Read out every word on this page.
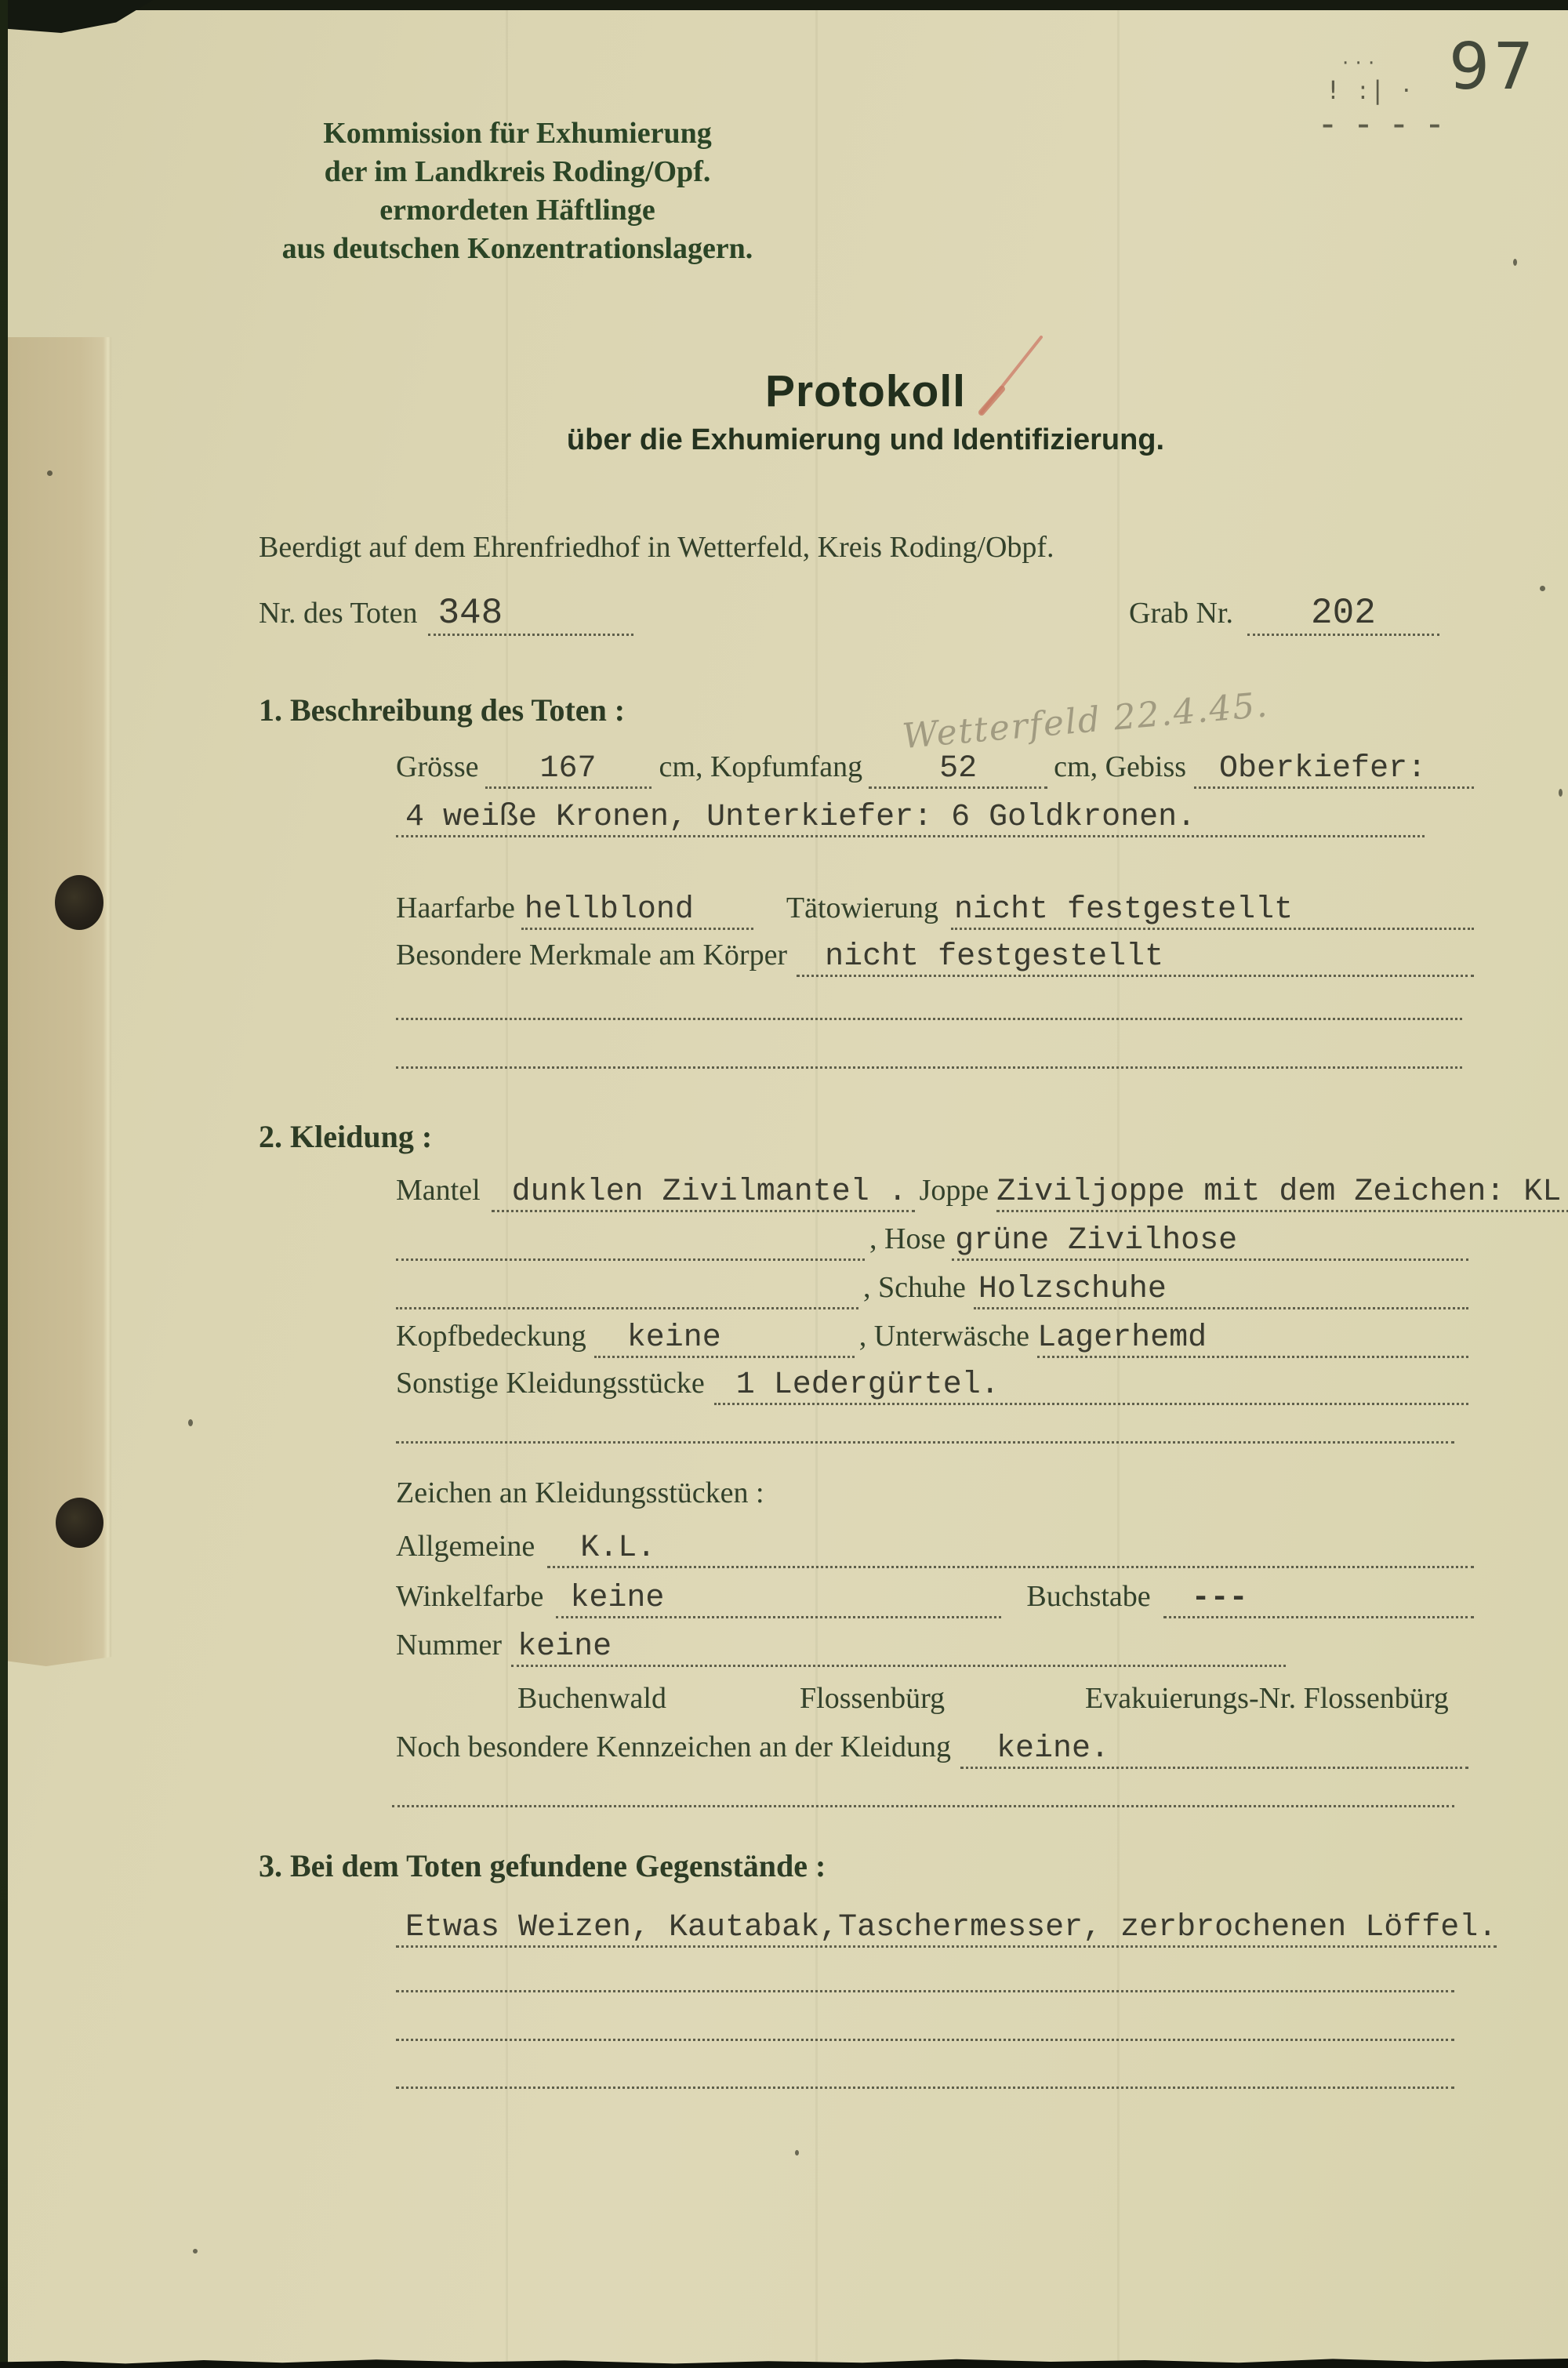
· · ·
! :| ·
– – – –
97
Kommission für Exhumierung
der im Landkreis Roding/Opf.
ermordeten Häftlinge
aus deutschen Konzentrationslagern.
Protokoll
über die Exhumierung und Identifizierung.
Beerdigt auf dem Ehrenfriedhof in Wetterfeld, Kreis Roding/Obpf.
Nr. des Toten 348	Grab Nr.	202
1. Beschreibung des Toten :	Wetterfeld 22.4.45.
Grösse	167	cm, Kopfumfang	52	cm, Gebiss	Oberkiefer:
4 weiße Kronen, Unterkiefer: 6 Goldkronen.
Haarfarbe hellblond	Tätowierung nicht festgestellt
Besondere Merkmale am Körper	nicht festgestellt
2. Kleidung :
Mantel	dunklen Zivilmantel . Joppe Ziviljoppe mit dem Zeichen: KL

, Hose grüne Zivilhose

, Schuhe Holzschuhe
Kopfbedeckung	keine	, Unterwäsche Lagerhemd
Sonstige Kleidungsstücke	1 Ledergürtel.
Zeichen an Kleidungsstücken :
Allgemeine	K.L.
Winkelfarbe keine	Buchstabe	---
Nummer keine
Buchenwald	Flossenbürg	Evakuierungs-Nr. Flossenbürg
Noch besondere Kennzeichen an der Kleidung	keine.
3. Bei dem Toten gefundene Gegenstände :
Etwas Weizen, Kautabak,Taschermesser, zerbrochenen Löffel.
